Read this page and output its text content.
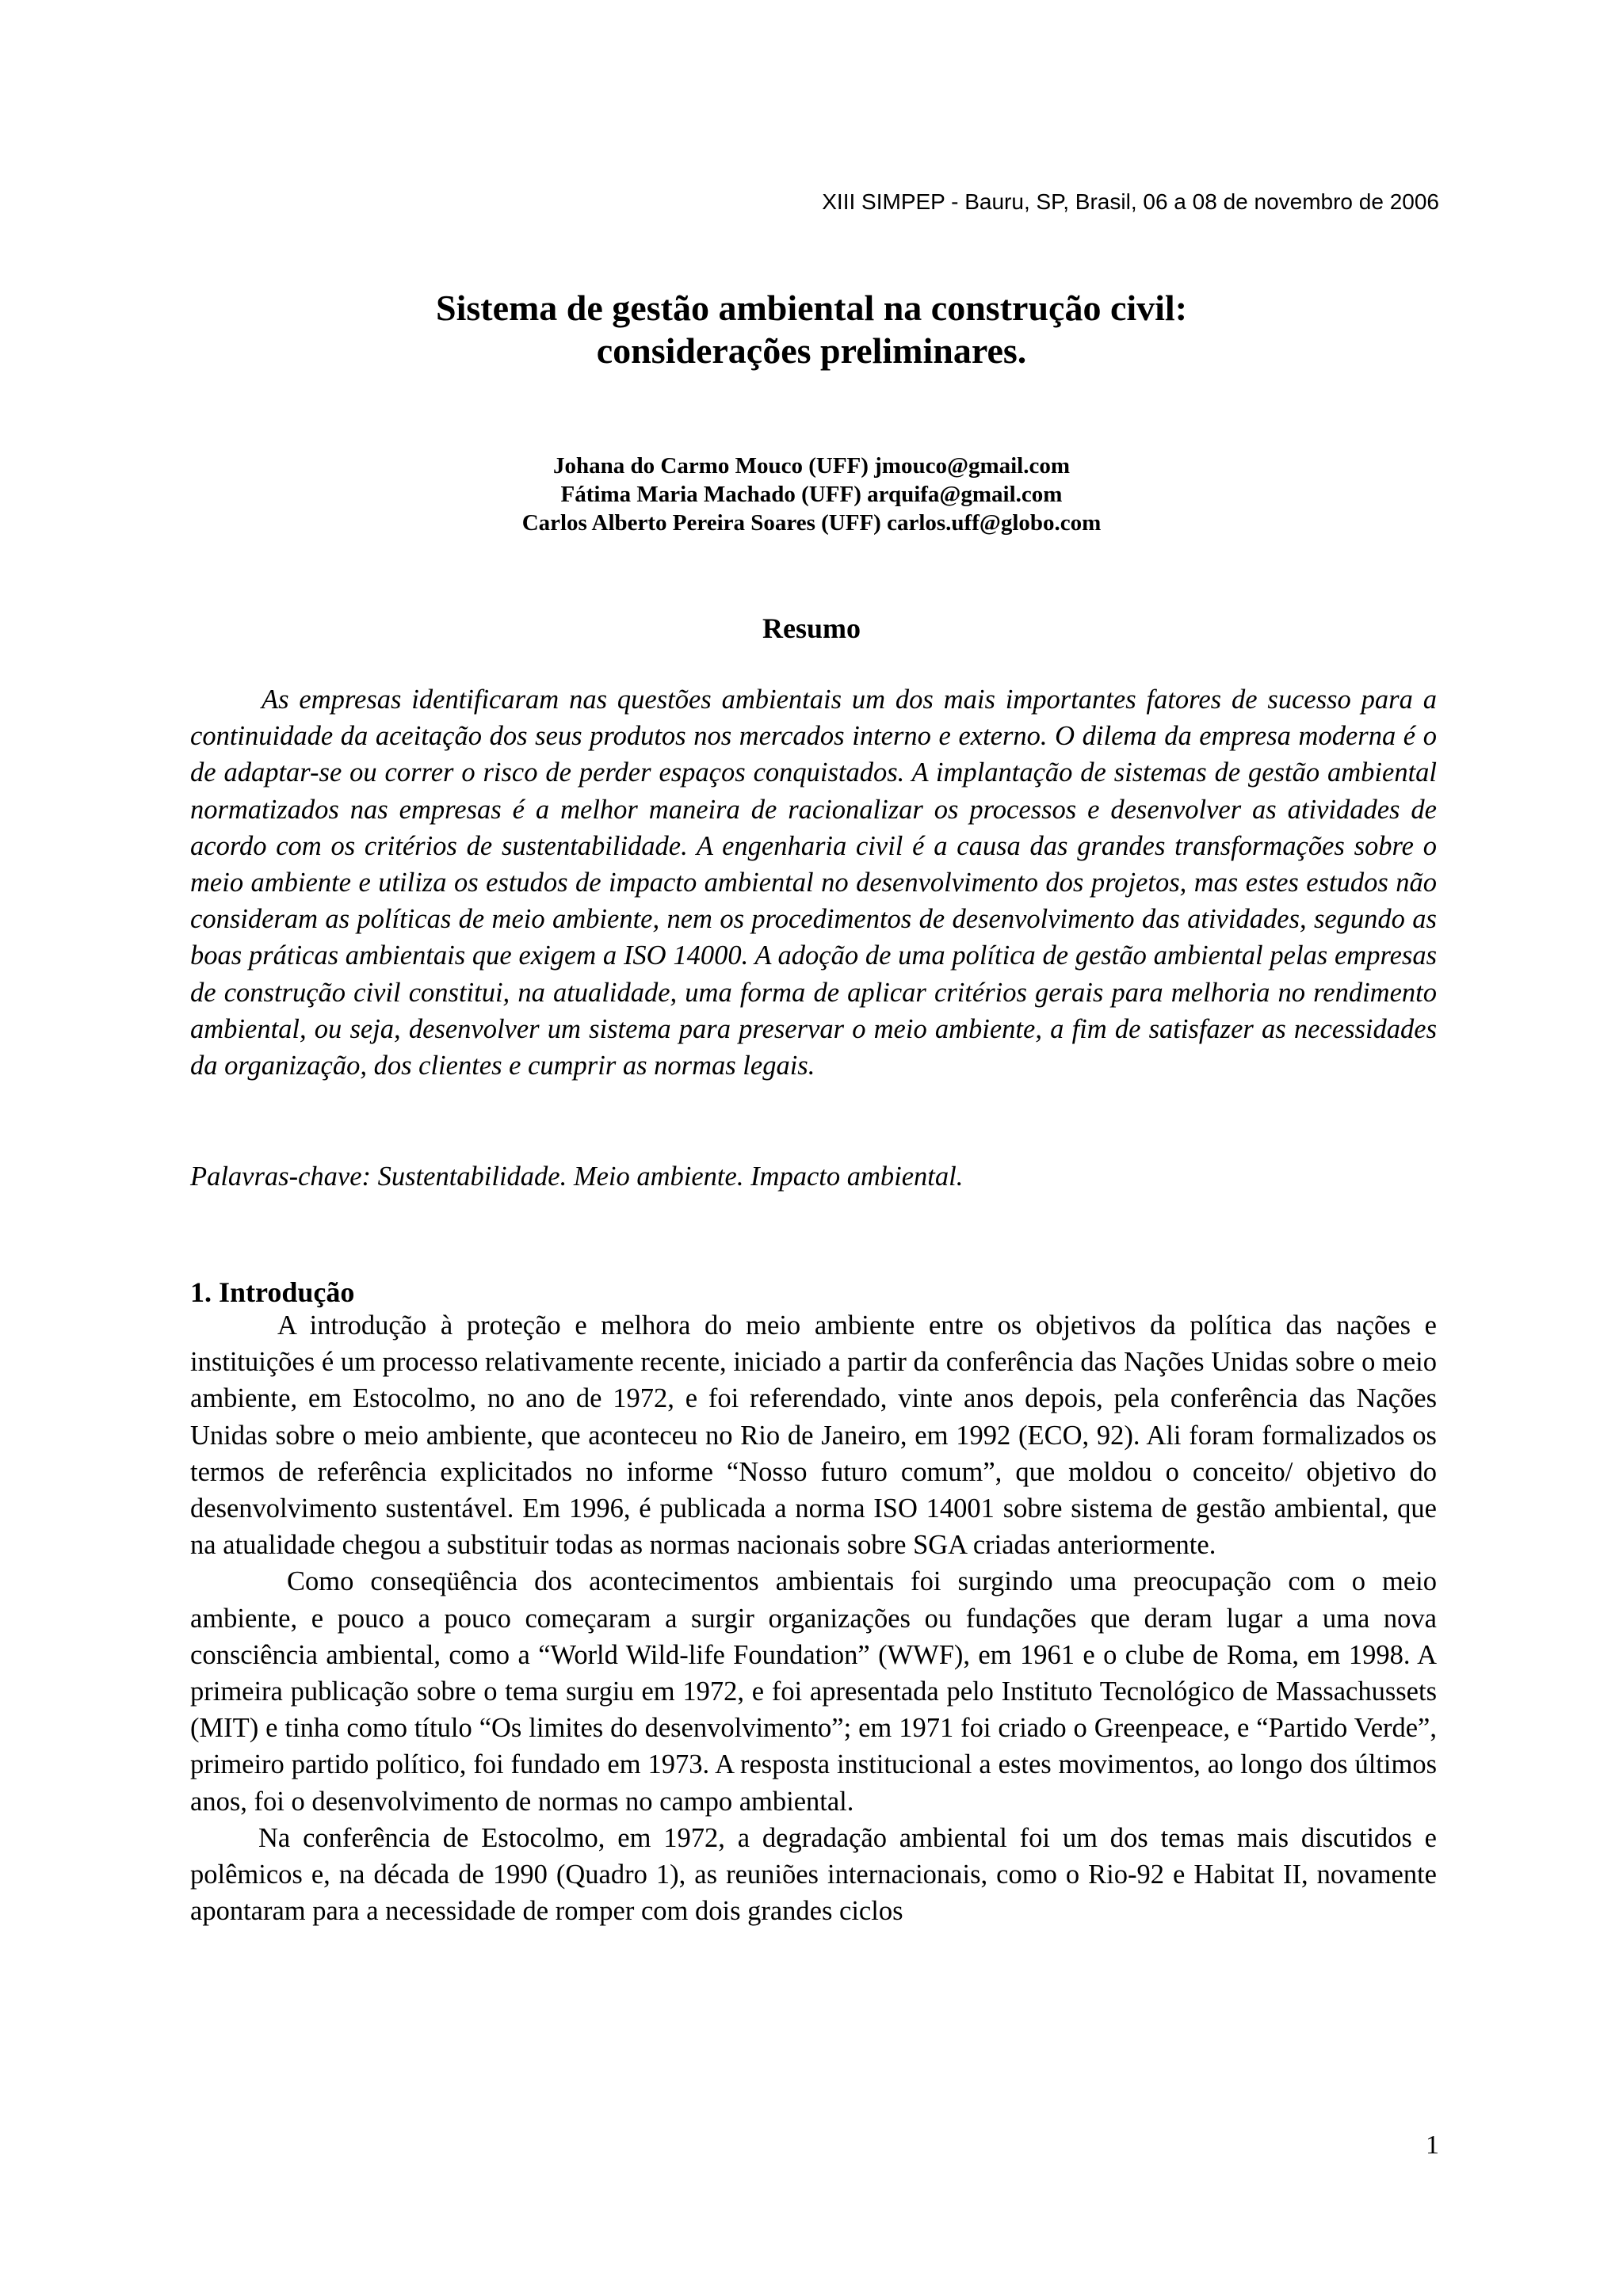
XIII SIMPEP - Bauru, SP, Brasil, 06 a 08 de novembro de 2006
Sistema de gestão ambiental na construção civil:
considerações preliminares.
Johana do Carmo Mouco (UFF) jmouco@gmail.com
Fátima Maria Machado (UFF) arquifa@gmail.com
Carlos Alberto Pereira Soares (UFF) carlos.uff@globo.com
Resumo

As empresas identificaram nas questões ambientais um dos mais importantes fatores de sucesso para a continuidade da aceitação dos seus produtos nos mercados interno e externo. O dilema da empresa moderna é o de adaptar-se ou correr o risco de perder espaços conquistados. A implantação de sistemas de gestão ambiental normatizados nas empresas é a melhor maneira de racionalizar os processos e desenvolver as atividades de acordo com os critérios de sustentabilidade. A engenharia civil é a causa das grandes transformações sobre o meio ambiente e utiliza os estudos de impacto ambiental no desenvolvimento dos projetos, mas estes estudos não consideram as políticas de meio ambiente, nem os procedimentos de desenvolvimento das atividades, segundo as boas práticas ambientais que exigem a ISO 14000. A adoção de uma política de gestão ambiental pelas empresas de construção civil constitui, na atualidade, uma forma de aplicar critérios gerais para melhoria no rendimento ambiental, ou seja, desenvolver um sistema para preservar o meio ambiente, a fim de satisfazer as necessidades da organização, dos clientes e cumprir as normas legais.

Palavras-chave: Sustentabilidade. Meio ambiente. Impacto ambiental.

1. Introdução

A introdução à proteção e melhora do meio ambiente entre os objetivos da política das nações e instituições é um processo relativamente recente, iniciado a partir da conferência das Nações Unidas sobre o meio ambiente, em Estocolmo, no ano de 1972, e foi referendado, vinte anos depois, pela conferência das Nações Unidas sobre o meio ambiente, que aconteceu no Rio de Janeiro, em 1992 (ECO, 92). Ali foram formalizados os termos de referência explicitados no informe “Nosso futuro comum”, que moldou o conceito/ objetivo do desenvolvimento sustentável. Em 1996, é publicada a norma ISO 14001 sobre sistema de gestão ambiental, que na atualidade chegou a substituir todas as normas nacionais sobre SGA criadas anteriormente.

Como conseqüência dos acontecimentos ambientais foi surgindo uma preocupação com o meio ambiente, e pouco a pouco começaram a surgir organizações ou fundações que deram lugar a uma nova consciência ambiental, como a “World Wild-life Foundation” (WWF), em 1961 e o clube de Roma, em 1998. A primeira publicação sobre o tema surgiu em 1972, e foi apresentada pelo Instituto Tecnológico de Massachussets (MIT) e tinha como título “Os limites do desenvolvimento”; em 1971 foi criado o Greenpeace, e “Partido Verde”, primeiro partido político, foi fundado em 1973. A resposta institucional a estes movimentos, ao longo dos últimos anos, foi o desenvolvimento de normas no campo ambiental.

Na conferência de Estocolmo, em 1972, a degradação ambiental foi um dos temas mais discutidos e polêmicos e, na década de 1990 (Quadro 1), as reuniões internacionais, como o Rio-92 e Habitat II, novamente apontaram para a necessidade de romper com dois grandes ciclos

1
